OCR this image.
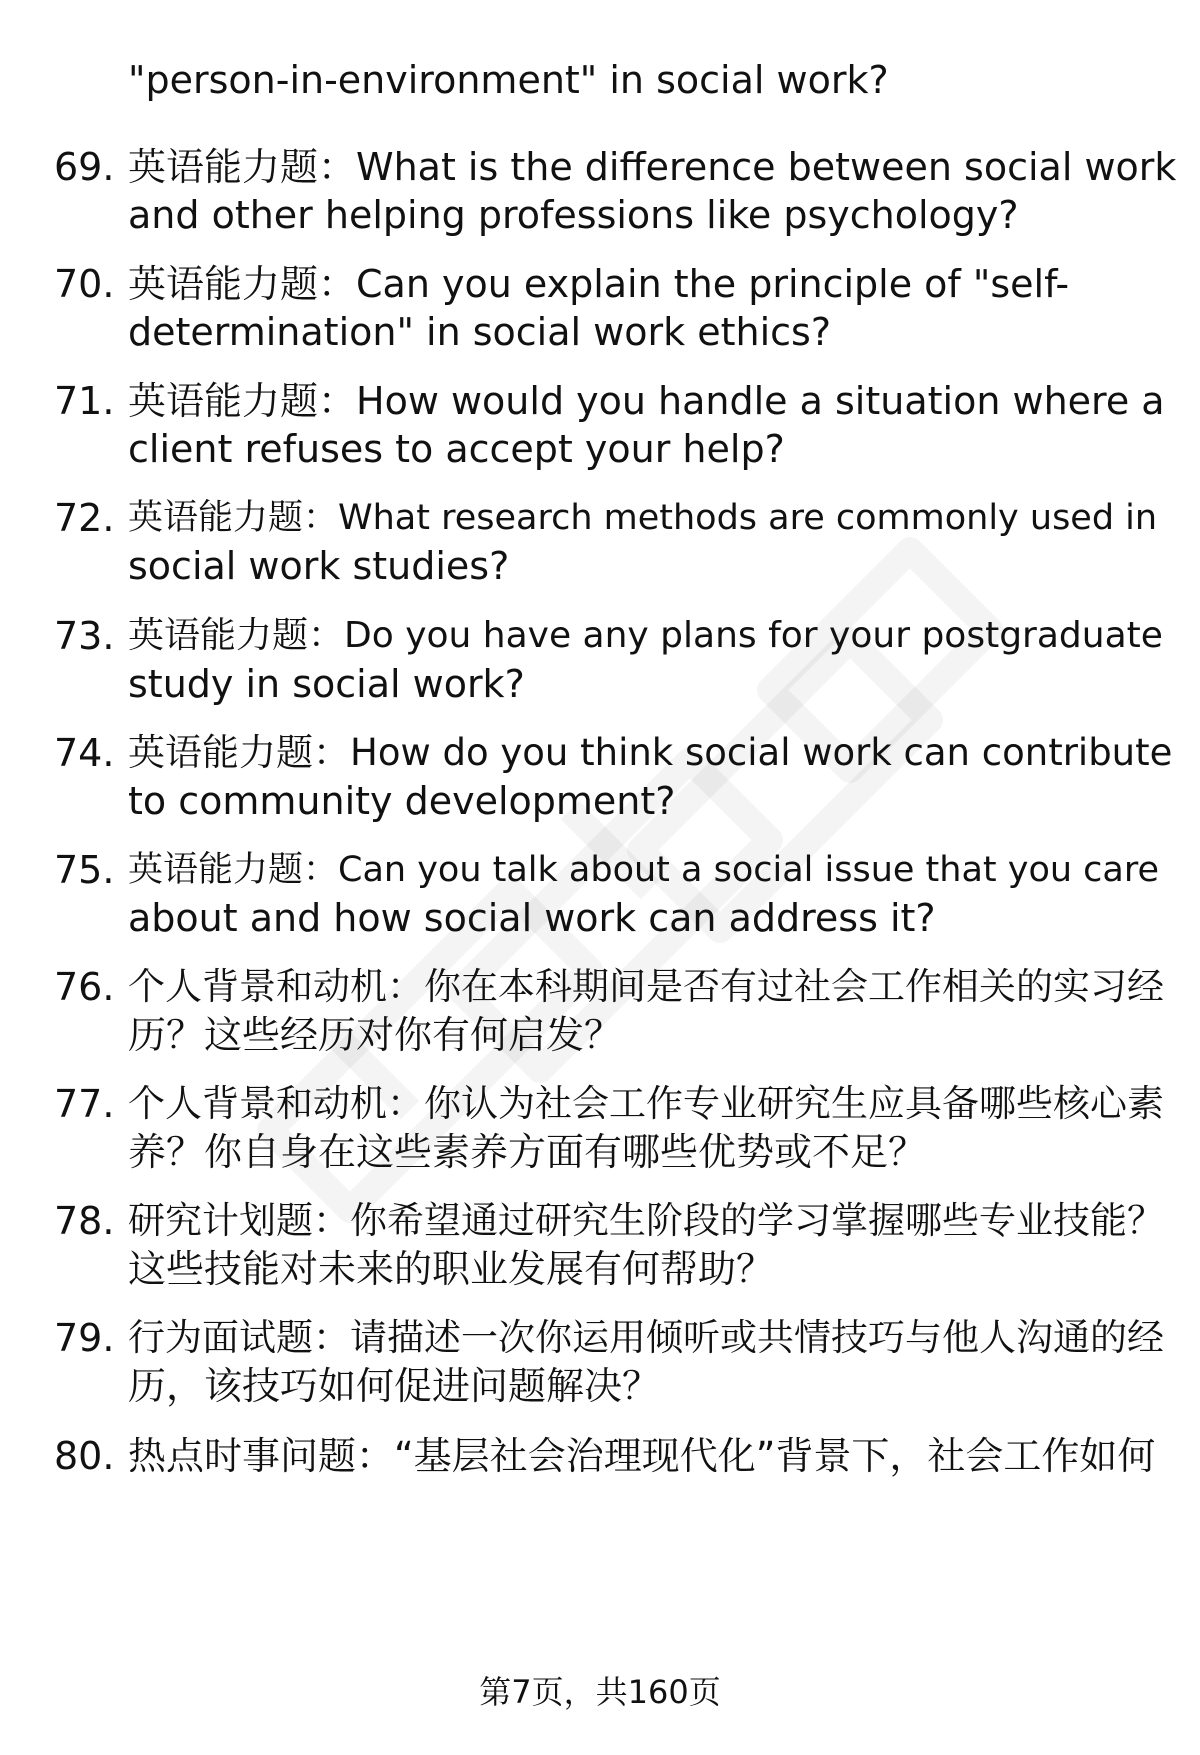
"person-in-environment" in social work?
69. 英语能力题：What is the difference between social work
and other helping professions like psychology?
70. 英语能力题：Can you explain the principle of "self-
determination" in social work ethics?
71. 英语能力题：How would you handle a situation where a
client refuses to accept your help?
72. 英语能力题：What research methods are commonly used in
social work studies?
73. 英语能力题：Do you have any plans for your postgraduate
study in social work?
74. 英语能力题：How do you think social work can contribute
to community development?
75. 英语能力题：Can you talk about a social issue that you care
about and how social work can address it?
76. 个人背景和动机：你在本科期间是否有过社会工作相关的实习经
历？这些经历对你有何启发？
77. 个人背景和动机：你认为社会工作专业研究生应具备哪些核心素
养？你自身在这些素养方面有哪些优势或不足？
78. 研究计划题：你希望通过研究生阶段的学习掌握哪些专业技能？
这些技能对未来的职业发展有何帮助？
79. 行为面试题：请描述一次你运用倾听或共情技巧与他人沟通的经
历，该技巧如何促进问题解决？
80. 热点时事问题：“基层社会治理现代化”背景下，社会工作如何
第7页，共160页
